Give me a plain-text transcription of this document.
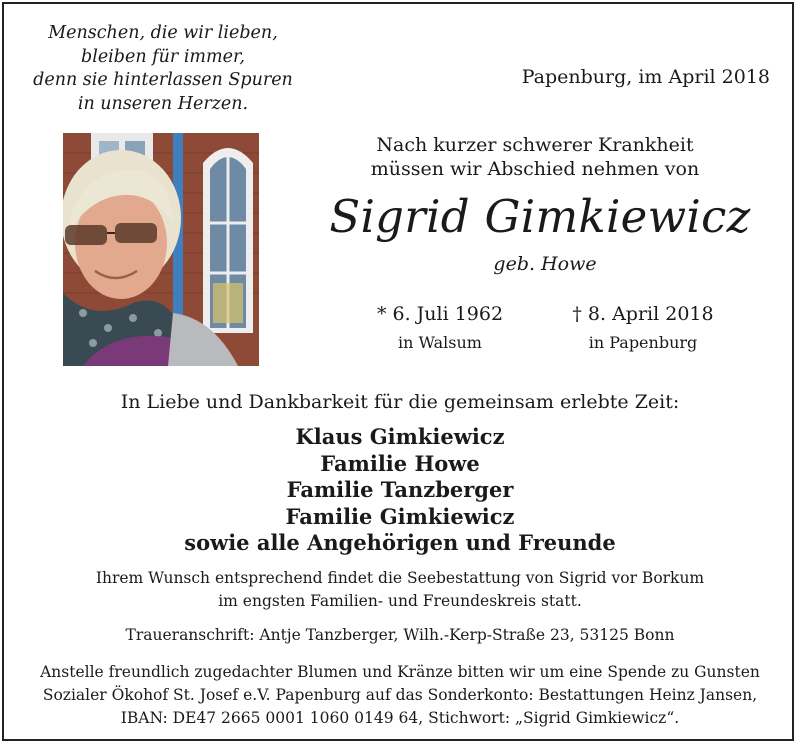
Menschen, die wir lieben,
bleiben für immer,
denn sie hinterlassen Spuren
in unseren Herzen.
Papenburg, im April 2018
Nach kurzer schwerer Krankheit
müssen wir Abschied nehmen von
Sigrid Gimkiewicz
geb. Howe
* 6. Juli 1962
in Walsum
† 8. April 2018
in Papenburg
In Liebe und Dankbarkeit für die gemeinsam erlebte Zeit:
Klaus Gimkiewicz
Familie Howe
Familie Tanzberger
Familie Gimkiewicz
sowie alle Angehörigen und Freunde
Ihrem Wunsch entsprechend findet die Seebestattung von Sigrid vor Borkum
im engsten Familien- und Freundeskreis statt.
Traueranschrift: Antje Tanzberger, Wilh.-Kerp-Straße 23, 53125 Bonn
Anstelle freundlich zugedachter Blumen und Kränze bitten wir um eine Spende zu Gunsten
Sozialer Ökohof St. Josef e.V. Papenburg auf das Sonderkonto: Bestattungen Heinz Jansen,
IBAN: DE47 2665 0001 1060 0149 64, Stichwort: „Sigrid Gimkiewicz“.
